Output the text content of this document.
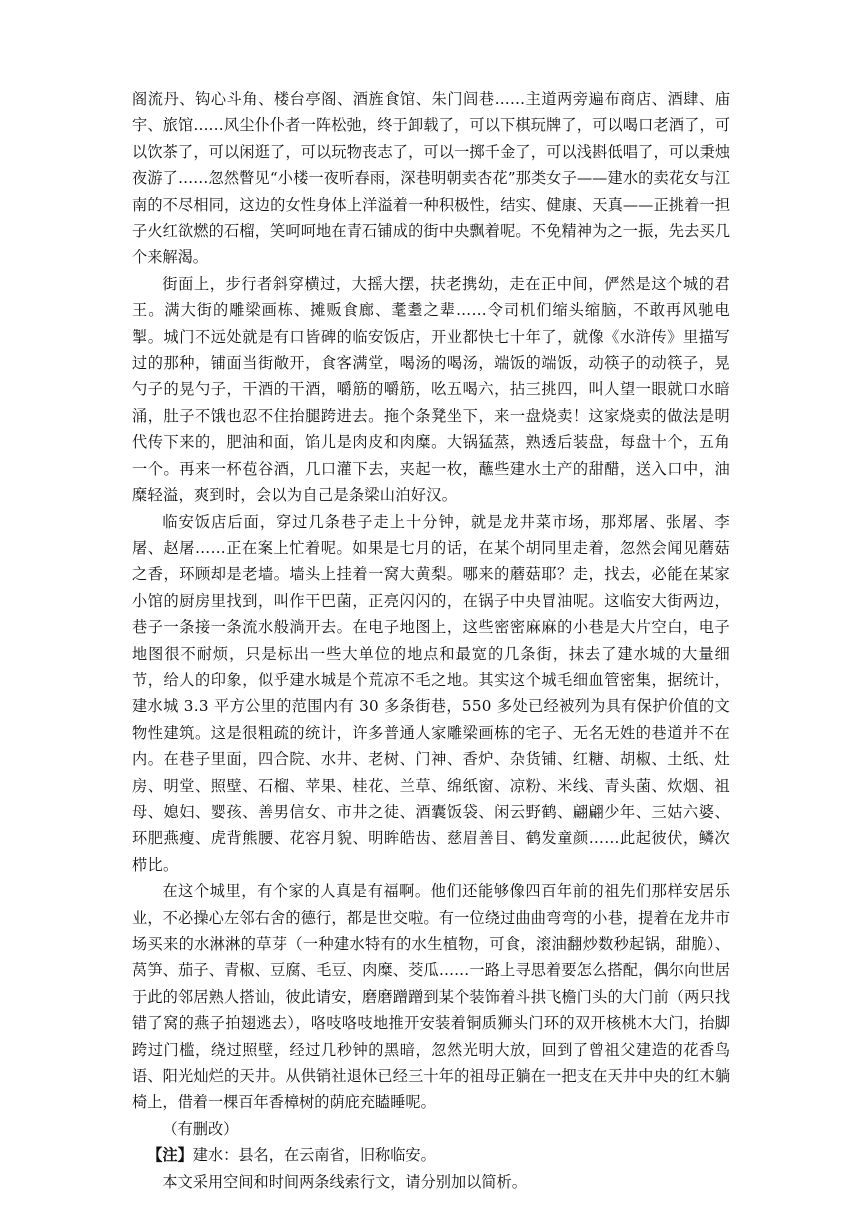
阁流丹、钩心斗角、楼台亭阁、酒旌食馆、朱门闾巷……主道两旁遍布商店、酒肆、庙宇、旅馆……风尘仆仆者一阵松弛，终于卸载了，可以下棋玩牌了，可以喝口老酒了，可以饮茶了，可以闲逛了，可以玩物丧志了，可以一掷千金了，可以浅斟低唱了，可以秉烛夜游了……忽然瞥见“小楼一夜听春雨，深巷明朝卖杏花”那类女子——建水的卖花女与江南的不尽相同，这边的女性身体上洋溢着一种积极性，结实、健康、天真——正挑着一担子火红欲燃的石榴，笑呵呵地在青石铺成的街中央飘着呢。不免精神为之一振，先去买几个来解渴。

街面上，步行者斜穿横过，大摇大摆，扶老携幼，走在正中间，俨然是这个城的君王。满大街的雕梁画栋、摊贩食廊、耄耋之辈……令司机们缩头缩脑，不敢再风驰电掣。城门不远处就是有口皆碑的临安饭店，开业都快七十年了，就像《水浒传》里描写过的那种，铺面当街敞开，食客满堂，喝汤的喝汤，端饭的端饭，动筷子的动筷子，晃勺子的晃勺子，干酒的干酒，嚼筋的嚼筋，吆五喝六，拈三挑四，叫人望一眼就口水暗涌，肚子不饿也忍不住抬腿跨进去。拖个条凳坐下，来一盘烧卖！这家烧卖的做法是明代传下来的，肥油和面，馅儿是肉皮和肉糜。大锅猛蒸，熟透后装盘，每盘十个，五角一个。再来一杯苞谷酒，几口灌下去，夹起一枚，蘸些建水土产的甜醋，送入口中，油糜轻溢，爽到时，会以为自己是条梁山泊好汉。

临安饭店后面，穿过几条巷子走上十分钟，就是龙井菜市场，那郑屠、张屠、李屠、赵屠……正在案上忙着呢。如果是七月的话，在某个胡同里走着，忽然会闻见蘑菇之香，环顾却是老墙。墙头上挂着一窝大黄梨。哪来的蘑菇耶？走，找去，必能在某家小馆的厨房里找到，叫作干巴菌，正亮闪闪的，在锅子中央冒油呢。这临安大街两边，巷子一条接一条流水般淌开去。在电子地图上，这些密密麻麻的小巷是大片空白，电子地图很不耐烦，只是标出一些大单位的地点和最宽的几条街，抹去了建水城的大量细节，给人的印象，似乎建水城是个荒凉不毛之地。其实这个城毛细血管密集，据统计，建水城 3.3 平方公里的范围内有 30 多条街巷，550 多处已经被列为具有保护价值的文物性建筑。这是很粗疏的统计，许多普通人家雕梁画栋的宅子、无名无姓的巷道并不在内。在巷子里面，四合院、水井、老树、门神、香炉、杂货铺、红糖、胡椒、土纸、灶房、明堂、照壁、石榴、苹果、桂花、兰草、绵纸窗、凉粉、米线、青头菌、炊烟、祖母、媳妇、婴孩、善男信女、市井之徒、酒囊饭袋、闲云野鹤、翩翩少年、三姑六婆、环肥燕瘦、虎背熊腰、花容月貌、明眸皓齿、慈眉善目、鹤发童颜……此起彼伏，鳞次栉比。

在这个城里，有个家的人真是有福啊。他们还能够像四百年前的祖先们那样安居乐业，不必操心左邻右舍的德行，都是世交啦。有一位绕过曲曲弯弯的小巷，提着在龙井市场买来的水淋淋的草芽（一种建水特有的水生植物，可食，滚油翻炒数秒起锅，甜脆）、莴笋、茄子、青椒、豆腐、毛豆、肉糜、茭瓜……一路上寻思着要怎么搭配，偶尔向世居于此的邻居熟人搭讪，彼此请安，磨磨蹭蹭到某个装饰着斗拱飞檐门头的大门前（两只找错了窝的燕子拍翅逃去），咯吱咯吱地推开安装着铜质狮头门环的双开核桃木大门，抬脚跨过门槛，绕过照壁，经过几秒钟的黑暗，忽然光明大放，回到了曾祖父建造的花香鸟语、阳光灿烂的天井。从供销社退休已经三十年的祖母正躺在一把支在天井中央的红木躺椅上，借着一棵百年香樟树的荫庇充瞌睡呢。

（有删改）

【注】建水：县名，在云南省，旧称临安。

本文采用空间和时间两条线索行文，请分别加以简析。
